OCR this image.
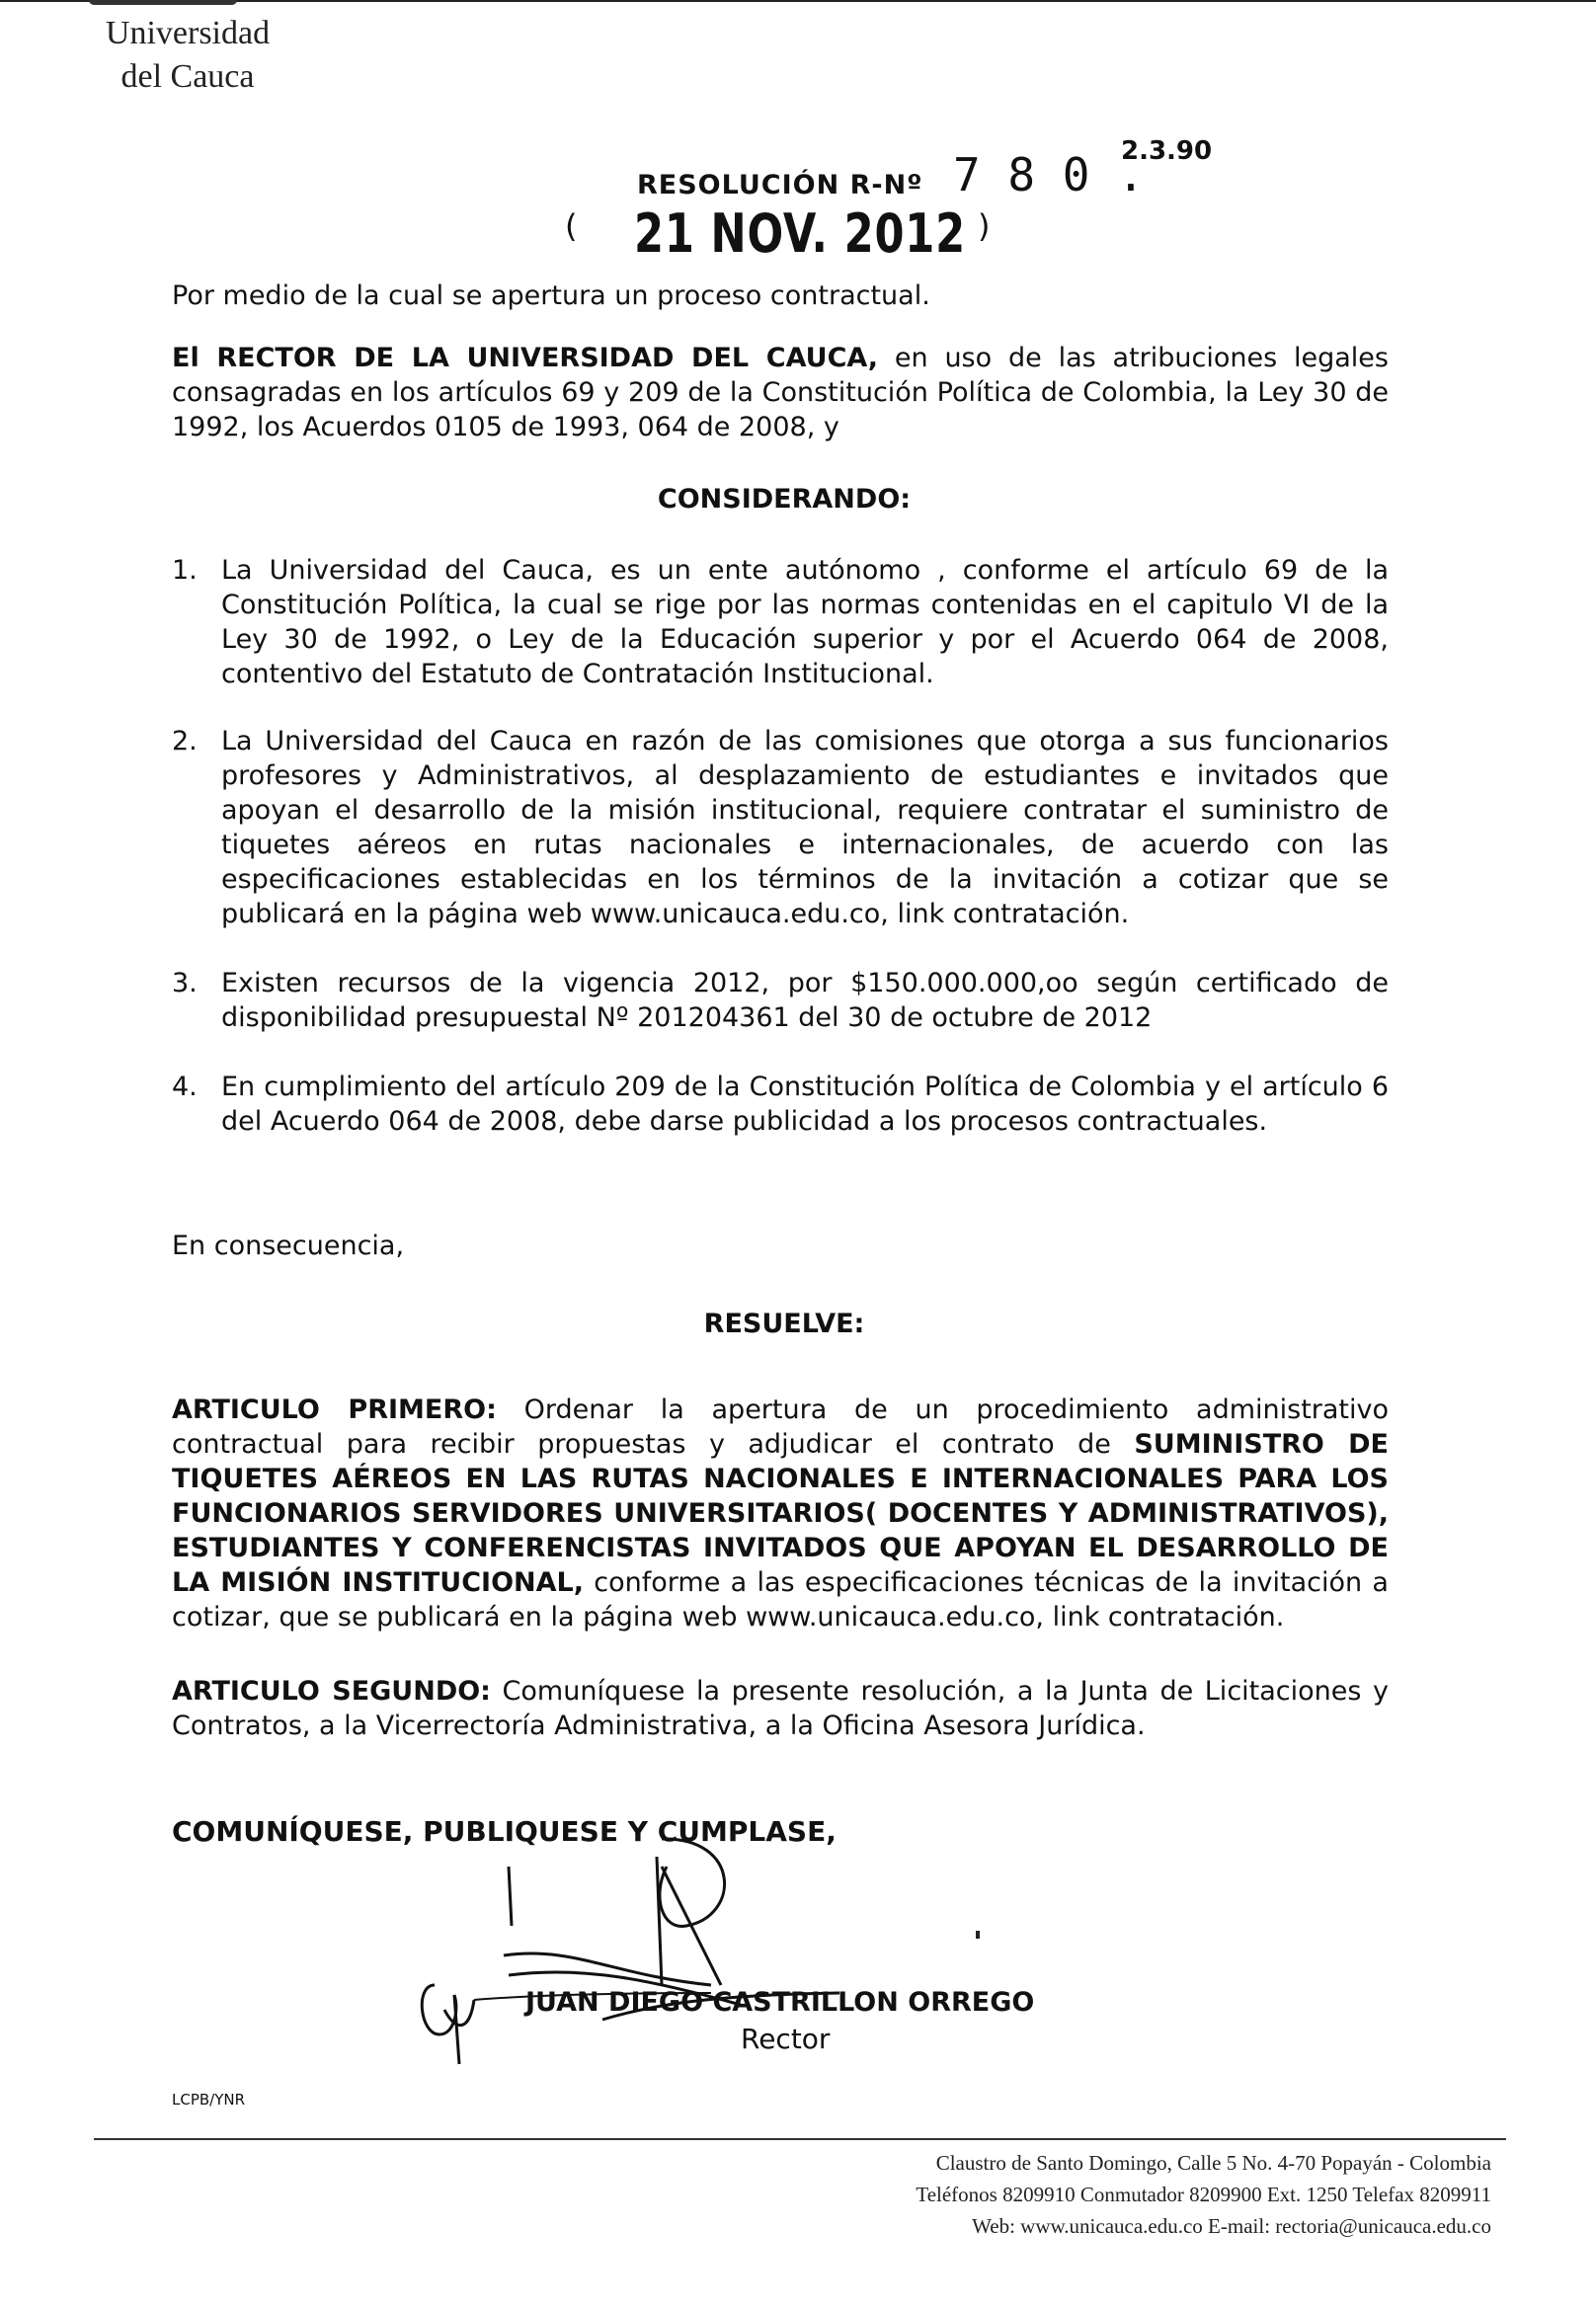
Universidad del Cauca
2.3.90
RESOLUCIÓN R-Nº 7 8 0 .
( 21 NOV. 2012 )
Por medio de la cual se apertura un proceso contractual.
El RECTOR DE LA UNIVERSIDAD DEL CAUCA, en uso de las atribuciones legales consagradas en los artículos 69 y 209 de la Constitución Política de Colombia, la Ley 30 de 1992, los Acuerdos 0105 de 1993, 064 de 2008, y
CONSIDERANDO:
1. La Universidad del Cauca, es un ente autónomo , conforme el artículo 69 de la Constitución Política, la cual se rige por las normas contenidas en el capitulo VI de la Ley 30 de 1992, o Ley de la Educación superior y por el Acuerdo 064 de 2008, contentivo del Estatuto de Contratación Institucional.
2. La Universidad del Cauca en razón de las comisiones que otorga a sus funcionarios profesores y Administrativos, al desplazamiento de estudiantes e invitados que apoyan el desarrollo de la misión institucional, requiere contratar el suministro de tiquetes aéreos en rutas nacionales e internacionales, de acuerdo con las especificaciones establecidas en los términos de la invitación a cotizar que se publicará en la página web www.unicauca.edu.co, link contratación.
3. Existen recursos de la vigencia 2012, por $150.000.000,oo según certificado de disponibilidad presupuestal Nº 201204361 del 30 de octubre de 2012
4. En cumplimiento del artículo 209 de la Constitución Política de Colombia y el artículo 6 del Acuerdo 064 de 2008, debe darse publicidad a los procesos contractuales.
En consecuencia,
RESUELVE:
ARTICULO PRIMERO: Ordenar la apertura de un procedimiento administrativo contractual para recibir propuestas y adjudicar el contrato de SUMINISTRO DE TIQUETES AÉREOS EN LAS RUTAS NACIONALES E INTERNACIONALES PARA LOS FUNCIONARIOS SERVIDORES UNIVERSITARIOS( DOCENTES Y ADMINISTRATIVOS), ESTUDIANTES Y CONFERENCISTAS INVITADOS QUE APOYAN EL DESARROLLO DE LA MISIÓN INSTITUCIONAL, conforme a las especificaciones técnicas de la invitación a cotizar, que se publicará en la página web www.unicauca.edu.co, link contratación.
ARTICULO SEGUNDO: Comuníquese la presente resolución, a la Junta de Licitaciones y Contratos, a la Vicerrectoría Administrativa, a la Oficina Asesora Jurídica.
COMUNÍQUESE, PUBLIQUESE Y CUMPLASE,
JUAN DIEGO CASTRILLON ORREGO
Rector
LCPB/YNR
Claustro de Santo Domingo, Calle 5 No. 4-70 Popayán - Colombia
Teléfonos 8209910 Conmutador 8209900 Ext. 1250 Telefax 8209911
Web: www.unicauca.edu.co E-mail: rectoria@unicauca.edu.co
